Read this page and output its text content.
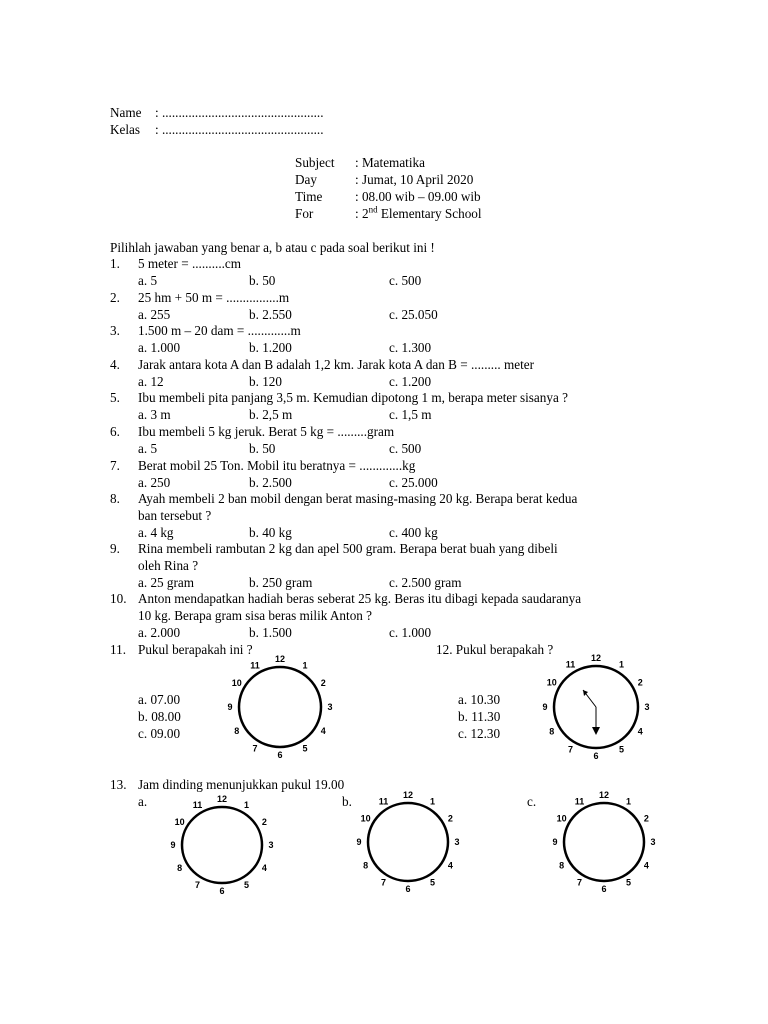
Name : .................................................
Kelas : .................................................
Subject : Matematika
Day	: Jumat, 10 April 2020
Time : 08.00 wib – 09.00 wib
For	: 2nd Elementary School
Pilihlah jawaban yang benar a, b atau c pada soal berikut ini !
1. 5 meter = ..........cm
a. 5	b. 50	c. 500
2. 25 hm + 50 m = ................m
a. 255	b. 2.550	c. 25.050
3. 1.500 m – 20 dam = .............m
a. 1.000	b. 1.200	c. 1.300
4. Jarak antara kota A dan B adalah 1,2 km. Jarak kota A dan B = ......... meter
a. 12	b. 120	c. 1.200
5. Ibu membeli pita panjang 3,5 m. Kemudian dipotong 1 m, berapa meter sisanya ?
a. 3 m	b. 2,5 m	c. 1,5 m
6. Ibu membeli 5 kg jeruk. Berat 5 kg = .........gram
a. 5	b. 50	c. 500
7. Berat mobil 25 Ton. Mobil itu beratnya = .............kg
a. 250	b. 2.500	c. 25.000
8. Ayah membeli 2 ban mobil dengan berat masing-masing 20 kg. Berapa berat kedua
ban tersebut ?
a. 4 kg	b. 40 kg	c. 400 kg
9. Rina membeli rambutan 2 kg dan apel 500 gram. Berapa berat buah yang dibeli
oleh Rina ?
a. 25 gram	b. 250 gram	c. 2.500 gram
10. Anton mendapatkan hadiah beras seberat 25 kg. Beras itu dibagi kepada saudaranya
10 kg. Berapa gram sisa beras milik Anton ?
a. 2.000	b. 1.500	c. 1.000
11. Pukul berapakah ini ?
a. 07.00
b. 08.00
c. 09.00
12. Pukul berapakah ?
a. 10.30
b. 11.30
c. 12.30
13. Jam dinding menunjukkan pukul 19.00
a.	b.	c.
12
1
2
3
4
5
6
7
8
9
10
11
12
1
2
3
4
5
6
7
8
9
10
11
12
1
2
3
4
5
6
7
8
9
10
11
12
1
2
3
4
5
6
7
8
9
10
11
12
1
2
3
4
5
6
7
8
9
10
11
